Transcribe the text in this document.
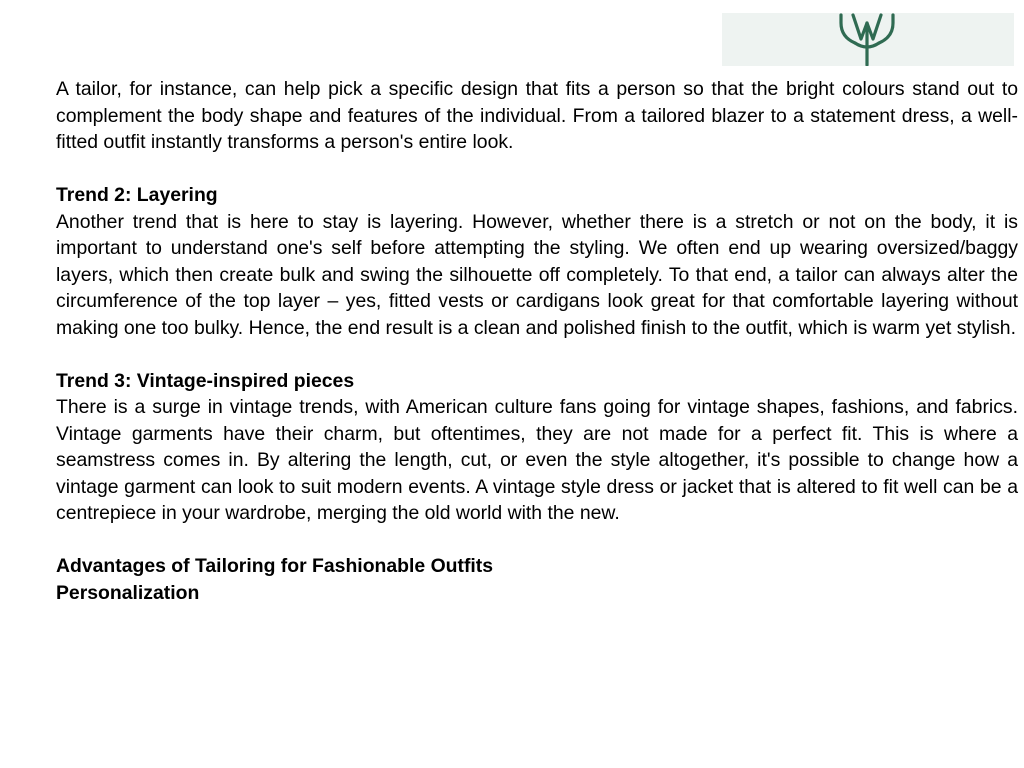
A tailor, for instance, can help pick a specific design that fits a person so that the bright colours stand out to complement the body shape and features of the individual. From a tailored blazer to a statement dress, a well-fitted outfit instantly transforms a person's entire look.

Trend 2: Layering

Another trend that is here to stay is layering. However, whether there is a stretch or not on the body, it is important to understand one's self before attempting the styling. We often end up wearing oversized/baggy layers, which then create bulk and swing the silhouette off completely. To that end, a tailor can always alter the circumference of the top layer – yes, fitted vests or cardigans look great for that comfortable layering without making one too bulky. Hence, the end result is a clean and polished finish to the outfit, which is warm yet stylish.

Trend 3: Vintage-inspired pieces

There is a surge in vintage trends, with American culture fans going for vintage shapes, fashions, and fabrics. Vintage garments have their charm, but oftentimes, they are not made for a perfect fit. This is where a seamstress comes in. By altering the length, cut, or even the style altogether, it's possible to change how a vintage garment can look to suit modern events. A vintage style dress or jacket that is altered to fit well can be a centrepiece in your wardrobe, merging the old world with the new.

Advantages of Tailoring for Fashionable Outfits

Personalization
